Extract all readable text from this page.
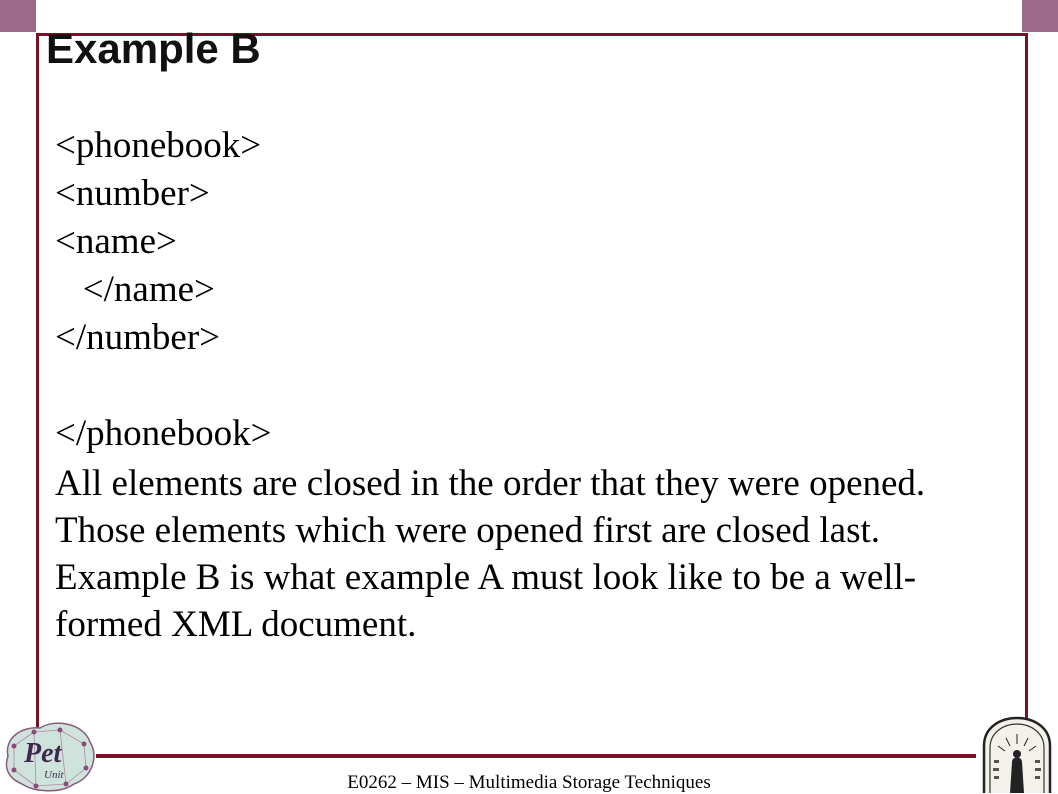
Example B
<phonebook>
<number>
<name>
</name>
</number>
</phonebook>

All elements are closed in the order that they were opened. Those elements which were opened first are closed last.

Example B is what example A must look like to be a well-formed XML document.

Pet
Unit	E0262 – MIS – Multimedia Storage Techniques
